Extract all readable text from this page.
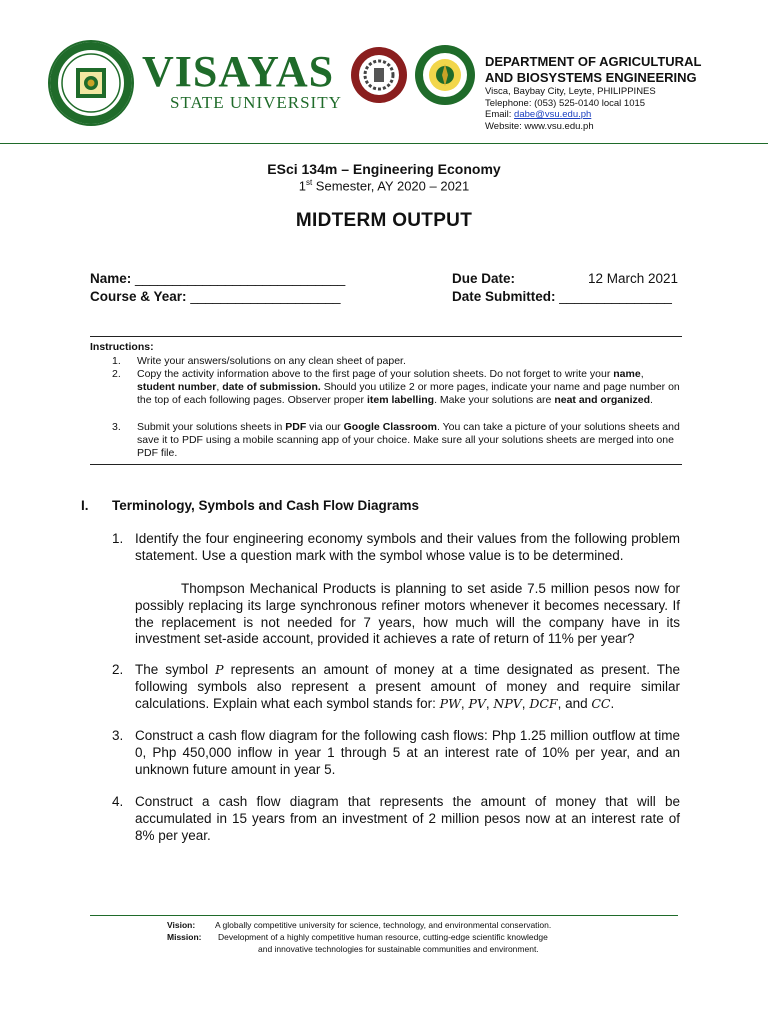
VISAYAS
STATE UNIVERSITY
DEPARTMENT OF AGRICULTURAL
AND BIOSYSTEMS ENGINEERING
Visca, Baybay City, Leyte, PHILIPPINES
Telephone: (053) 525-0140 local 1015
Email: dabe@vsu.edu.ph
Website: www.vsu.edu.ph
ESci 134m – Engineering Economy
1st Semester, AY 2020 – 2021
MIDTERM OUTPUT
Name: ____________________________
Course & Year: ____________________
Due Date:	12 March 2021
Date Submitted: _______________
Instructions:
1.	Write your answers/solutions on any clean sheet of paper.
2.	Copy the activity information above to the first page of your solution sheets. Do not forget to write your name, student number, date of submission. Should you utilize 2 or more pages, indicate your name and page number on the top of each following pages. Observer proper item labelling. Make your solutions are neat and organized.
3.	Submit your solutions sheets in PDF via our Google Classroom. You can take a picture of your solutions sheets and save it to PDF using a mobile scanning app of your choice. Make sure all your solutions sheets are merged into one PDF file.
I. Terminology, Symbols and Cash Flow Diagrams
1. Identify the four engineering economy symbols and their values from the following problem statement. Use a question mark with the symbol whose value is to be determined.
Thompson Mechanical Products is planning to set aside 7.5 million pesos now for possibly replacing its large synchronous refiner motors whenever it becomes necessary. If the replacement is not needed for 7 years, how much will the company have in its investment set-aside account, provided it achieves a rate of return of 11% per year?
2. The symbol P represents an amount of money at a time designated as present. The following symbols also represent a present amount of money and require similar calculations. Explain what each symbol stands for: PW, PV, NPV, DCF, and CC.
3. Construct a cash flow diagram for the following cash flows: Php 1.25 million outflow at time 0, Php 450,000 inflow in year 1 through 5 at an interest rate of 10% per year, and an unknown future amount in year 5.
4. Construct a cash flow diagram that represents the amount of money that will be accumulated in 15 years from an investment of 2 million pesos now at an interest rate of 8% per year.
Vision: A globally competitive university for science, technology, and environmental conservation.
Mission: Development of a highly competitive human resource, cutting-edge scientific knowledge
and innovative technologies for sustainable communities and environment.
